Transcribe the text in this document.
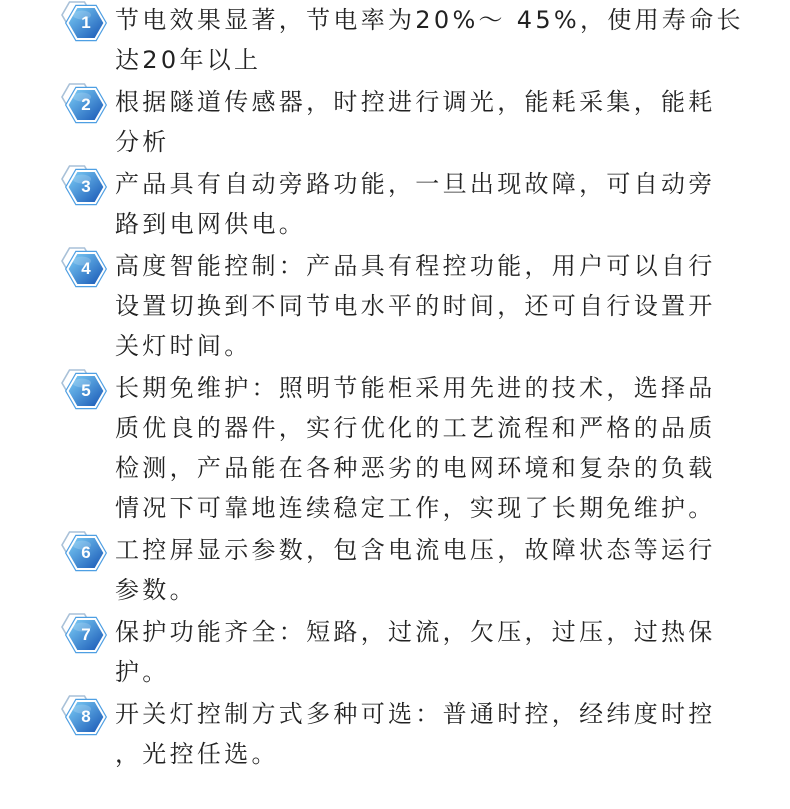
1	节电效果显著，节电率为20%～ 45%，使用寿命长
达20年以上
2	根据隧道传感器，时控进行调光，能耗采集，能耗
分析
3	产品具有自动旁路功能，一旦出现故障，可自动旁
路到电网供电。
4	高度智能控制：产品具有程控功能，用户可以自行
设置切换到不同节电水平的时间，还可自行设置开
关灯时间。
5	长期免维护：照明节能柜采用先进的技术，选择品
质优良的器件，实行优化的工艺流程和严格的品质
检测，产品能在各种恶劣的电网环境和复杂的负载
情况下可靠地连续稳定工作，实现了长期免维护。
6	工控屏显示参数，包含电流电压，故障状态等运行
参数。
7	保护功能齐全：短路，过流，欠压，过压，过热保
护。
8	开关灯控制方式多种可选：普通时控，经纬度时控
，光控任选。
